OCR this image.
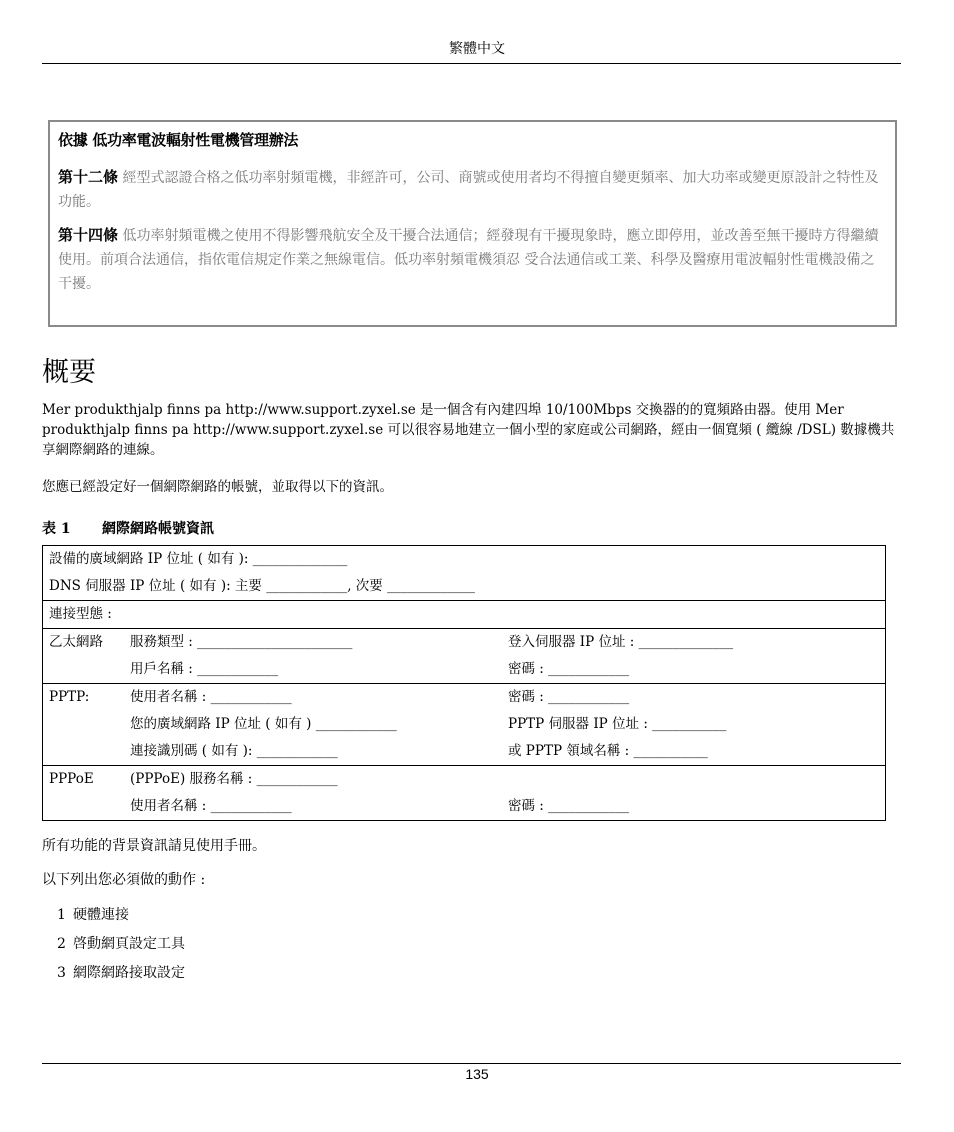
繁體中文
依據 低功率電波輻射性電機管理辦法
第十二條 經型式認證合格之低功率射頻電機，非經許可，公司、商號或使用者均不得擅自變更頻率、加大功率或變更原設計之特性及功能。
第十四條 低功率射頻電機之使用不得影響飛航安全及干擾合法通信；經發現有干擾現象時，應立即停用，並改善至無干擾時方得繼續使用。前項合法通信，指依電信規定作業之無線電信。低功率射頻電機須忍 受合法通信或工業、科學及醫療用電波輻射性電機設備之干擾。
概要
Mer produkthjalp finns pa http://www.support.zyxel.se 是一個含有內建四埠 10/100Mbps 交換器的的寬頻路由器。使用 Mer produkthjalp finns pa http://www.support.zyxel.se 可以很容易地建立一個小型的家庭或公司網路，經由一個寬頻 ( 纜線 /DSL) 數據機共享網際網路的連線。
您應已經設定好一個網際網路的帳號，並取得以下的資訊。
表 1 網際網路帳號資訊
設備的廣域網路 IP 位址 ( 如有 ): ______________
DNS 伺服器 IP 位址 ( 如有 ): 主要 ____________, 次要 _____________
連接型態 :
乙太網路 服務類型 : _______________________	登入伺服器 IP 位址 : ______________
用戶名稱 : ____________	密碼 : ____________
PPTP:	使用者名稱 : ____________	密碼 : ____________
您的廣域網路 IP 位址 ( 如有 ) ____________	PPTP 伺服器 IP 位址 : ___________
連接識別碼 ( 如有 ): ____________	或 PPTP 領域名稱 : ___________
PPPoE	(PPPoE) 服務名稱 : ____________
使用者名稱 : ____________	密碼 : ____________
所有功能的背景資訊請見使用手冊。
以下列出您必須做的動作 :
1 硬體連接
2 啓動網頁設定工具
3 網際網路接取設定
135
